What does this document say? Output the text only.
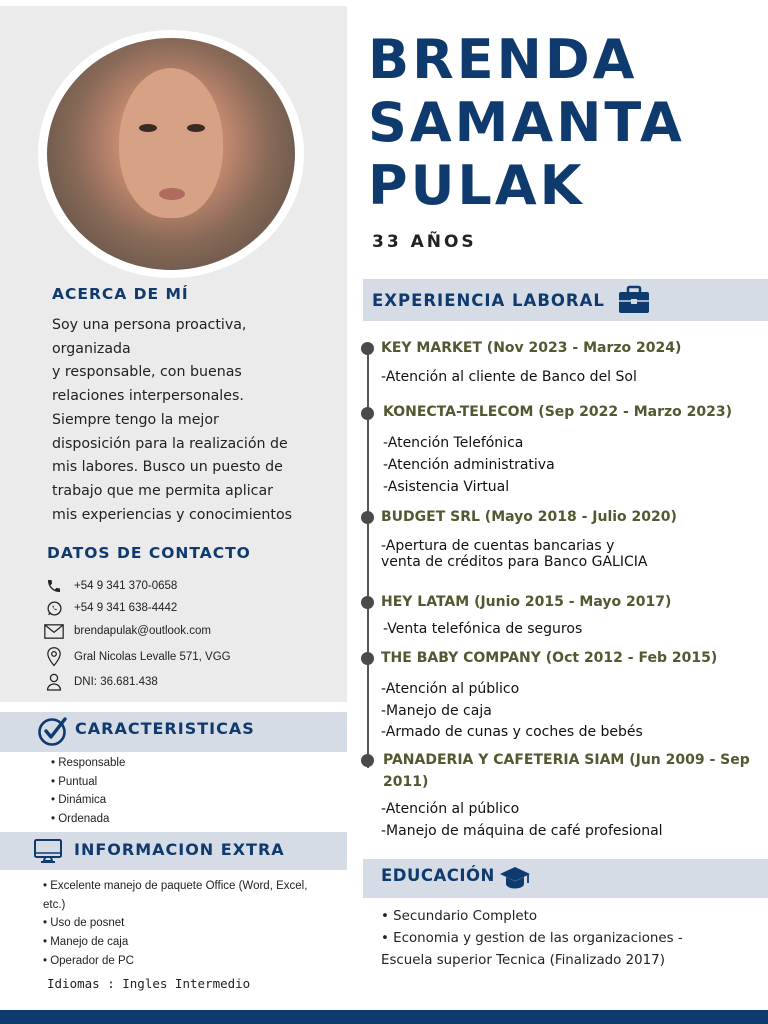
ACERCA DE MÍ
Soy una persona proactiva,
organizada
y responsable, con buenas
relaciones interpersonales.
Siempre tengo la mejor
disposición para la realización de
mis labores. Busco un puesto de
trabajo que me permita aplicar
mis experiencias y conocimientos
DATOS DE CONTACTO
+54 9 341 370-0658
+54 9 341 638-4442
brendapulak@outlook.com
Gral Nicolas Levalle 571, VGG
DNI: 36.681.438
CARACTERISTICAS
• Responsable
• Puntual
• Dinámica
• Ordenada
INFORMACION EXTRA
• Excelente manejo de paquete Office (Word, Excel,
etc.)
• Uso de posnet
• Manejo de caja
• Operador de PC
Idiomas : Ingles Intermedio
BRENDA
SAMANTA
PULAK
33 AÑOS
EXPERIENCIA LABORAL
KEY MARKET (Nov 2023 - Marzo 2024)
-Atención al cliente de Banco del Sol
KONECTA-TELECOM (Sep 2022 - Marzo 2023)
-Atención Telefónica
-Atención administrativa
-Asistencia Virtual
BUDGET SRL (Mayo 2018 - Julio 2020)
-Apertura de cuentas bancarias y
venta de créditos para Banco GALICIA
HEY LATAM (Junio 2015 - Mayo 2017)
-Venta telefónica de seguros
THE BABY COMPANY (Oct 2012 - Feb 2015)
-Atención al público
-Manejo de caja
-Armado de cunas y coches de bebés
PANADERIA Y CAFETERIA SIAM (Jun 2009 - Sep 2011)
-Atención al público
-Manejo de máquina de café profesional
EDUCACIÓN
• Secundario Completo
• Economia y gestion de las organizaciones -
Escuela superior Tecnica (Finalizado 2017)
